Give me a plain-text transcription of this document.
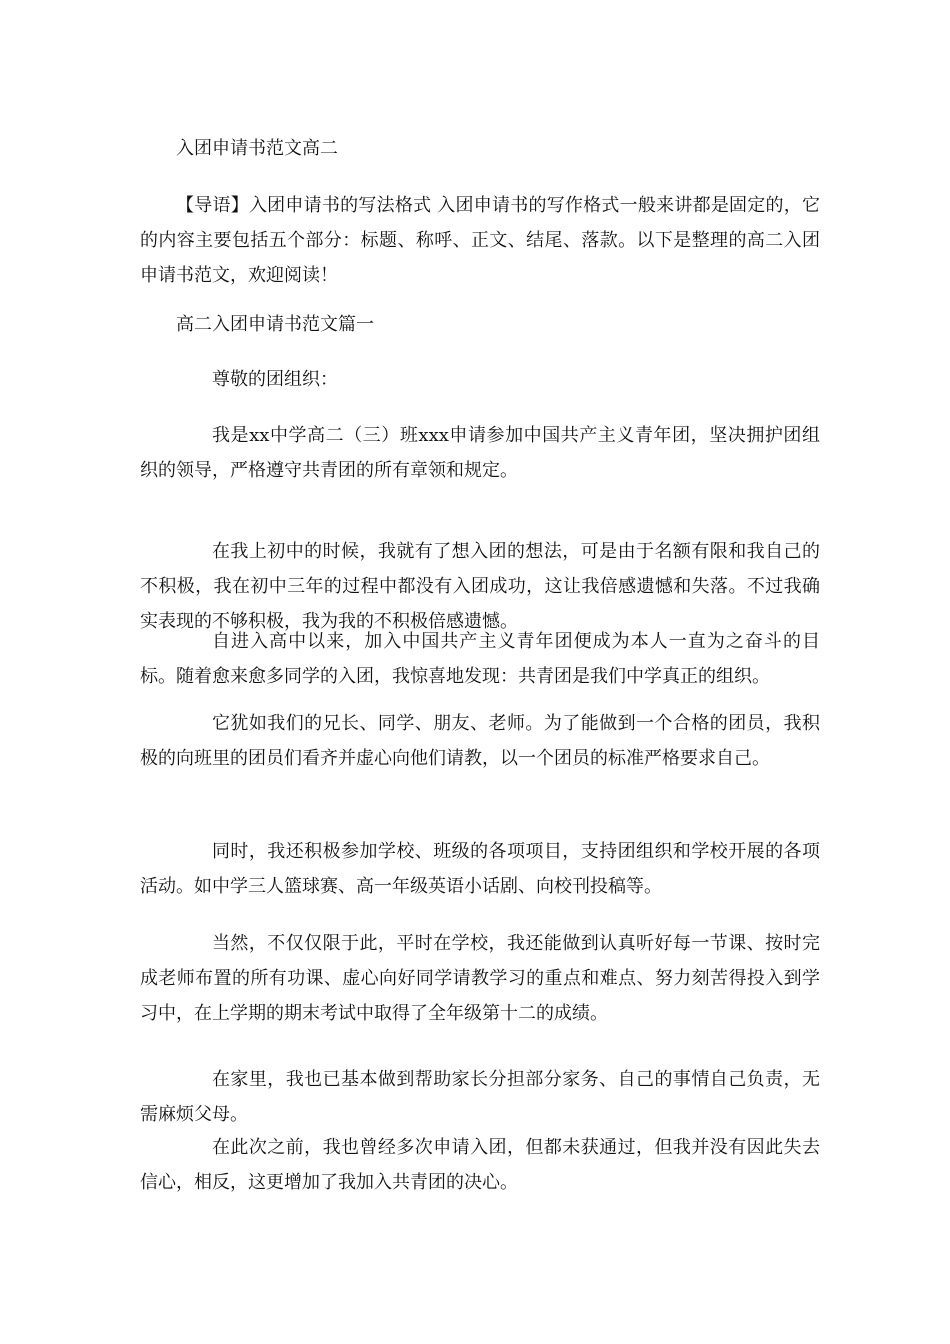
入团申请书范文高二

【导语】入团申请书的写法格式 入团申请书的写作格式一般来讲都是固定的，它的内容主要包括五个部分：标题、称呼、正文、结尾、落款。以下是整理的高二入团申请书范文，欢迎阅读！

高二入团申请书范文篇一
尊敬的团组织：

我是xx中学高二（三）班xxx申请参加中国共产主义青年团，坚决拥护团组织的领导，严格遵守共青团的所有章领和规定。

在我上初中的时候，我就有了想入团的想法，可是由于名额有限和我自己的不积极，我在初中三年的过程中都没有入团成功，这让我倍感遗憾和失落。不过我确实表现的不够积极，我为我的不积极倍感遗憾。

自进入高中以来，加入中国共产主义青年团便成为本人一直为之奋斗的目标。随着愈来愈多同学的入团，我惊喜地发现：共青团是我们中学真正的组织。

它犹如我们的兄长、同学、朋友、老师。为了能做到一个合格的团员，我积极的向班里的团员们看齐并虚心向他们请教，以一个团员的标准严格要求自己。

同时，我还积极参加学校、班级的各项项目，支持团组织和学校开展的各项活动。如中学三人篮球赛、高一年级英语小话剧、向校刊投稿等。

当然，不仅仅限于此，平时在学校，我还能做到认真听好每一节课、按时完成老师布置的所有功课、虚心向好同学请教学习的重点和难点、努力刻苦得投入到学习中，在上学期的期末考试中取得了全年级第十二的成绩。

在家里，我也已基本做到帮助家长分担部分家务、自己的事情自己负责，无需麻烦父母。

在此次之前，我也曾经多次申请入团，但都未获通过，但我并没有因此失去信心，相反，这更增加了我加入共青团的决心。
